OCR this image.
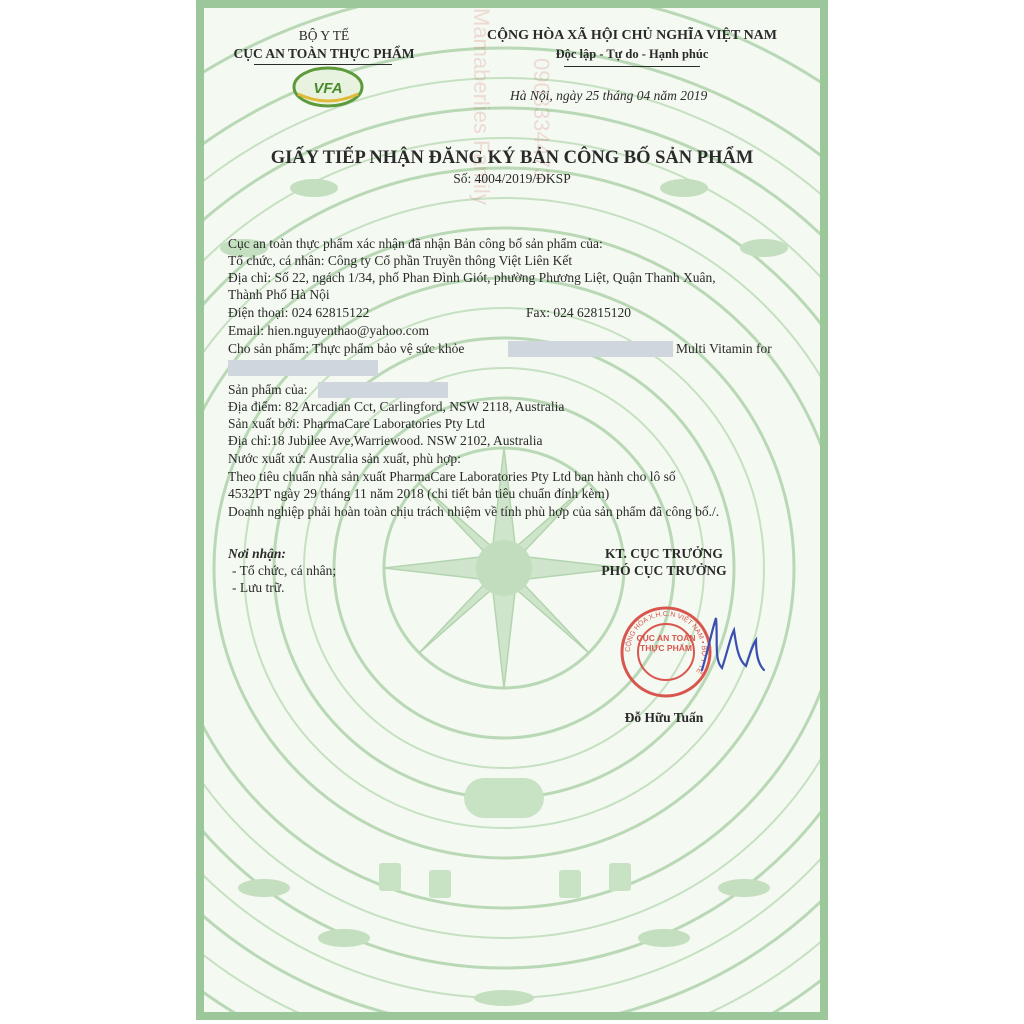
Mamaberlies Family 0903334473
BỘ Y TẾ
CỤC AN TOÀN THỰC PHẨM
VFA
CỘNG HÒA XÃ HỘI CHỦ NGHĨA VIỆT NAM
Độc lập - Tự do - Hạnh phúc
Hà Nội, ngày 25 tháng 04 năm 2019
GIẤY TIẾP NHẬN ĐĂNG KÝ BẢN CÔNG BỐ SẢN PHẨM
Số: 4004/2019/ĐKSP
Cục an toàn thực phẩm xác nhận đã nhận Bản công bố sản phẩm của:
Tổ chức, cá nhân: Công ty Cổ phần Truyền thông Việt Liên Kết
Địa chỉ: Số 22, ngách 1/34, phố Phan Đình Giót, phường Phương Liệt, Quận Thanh Xuân,
Thành Phố Hà Nội
Điện thoại: 024 62815122	Fax: 024 62815120
Email: hien.nguyenthao@yahoo.com
Cho sản phẩm: Thực phẩm bảo vệ sức khỏe	Multi Vitamin for
Sản phẩm của:
Địa điểm: 82 Arcadian Cct, Carlingford, NSW 2118, Australia
Sản xuất bởi: PharmaCare Laboratories Pty Ltd
Địa chỉ:18 Jubilee Ave,Warriewood. NSW 2102, Australia
Nước xuất xứ: Australia sản xuất, phù hợp:
Theo tiêu chuẩn nhà sản xuất PharmaCare Laboratories Pty Ltd ban hành cho lô số
4532PT ngày 29 tháng 11 năm 2018 (chi tiết bản tiêu chuẩn đính kèm)
Doanh nghiệp phải hoàn toàn chịu trách nhiệm về tính phù hợp của sản phẩm đã công bố./.
Nơi nhận:
- Tổ chức, cá nhân;
- Lưu trữ.
KT. CỤC TRƯỞNG
PHÓ CỤC TRƯỞNG
CỘNG HÒA X.H.C.N VIỆT NAM • BỘ Y TẾ
CỤC AN TOÀN THỰC PHẨM
Đỗ Hữu Tuấn
